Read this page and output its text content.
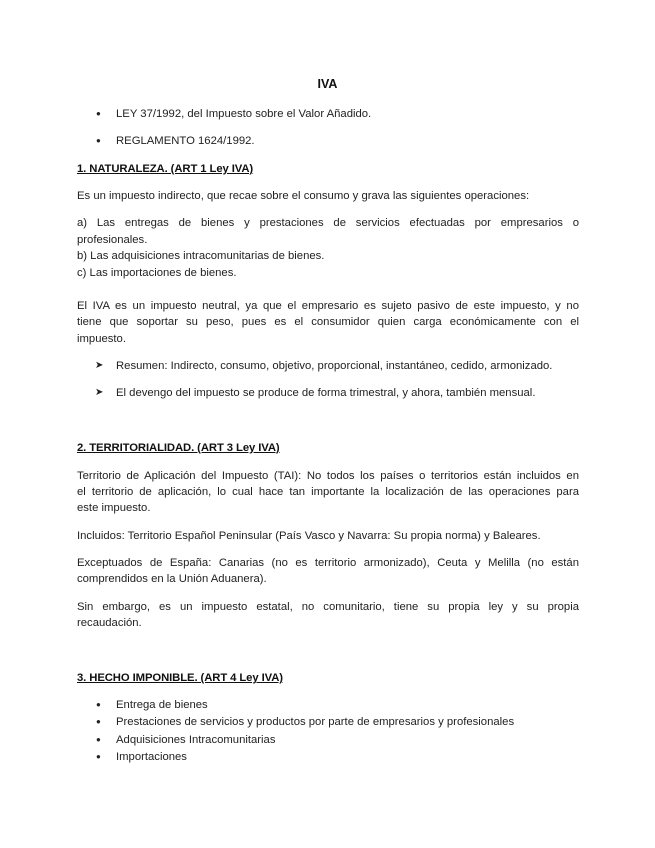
IVA
● LEY 37/1992, del Impuesto sobre el Valor Añadido.
● REGLAMENTO 1624/1992.
1. NATURALEZA. (ART 1 Ley IVA)
Es un impuesto indirecto, que recae sobre el consumo y grava las siguientes operaciones:
a) Las entregas de bienes y prestaciones de servicios efectuadas por empresarios o
profesionales.
b) Las adquisiciones intracomunitarias de bienes.
c) Las importaciones de bienes.
El IVA es un impuesto neutral, ya que el empresario es sujeto pasivo de este impuesto, y no
tiene que soportar su peso, pues es el consumidor quien carga económicamente con el
impuesto.
➤ Resumen: Indirecto, consumo, objetivo, proporcional, instantáneo, cedido, armonizado.
➤ El devengo del impuesto se produce de forma trimestral, y ahora, también mensual.
2. TERRITORIALIDAD. (ART 3 Ley IVA)
Territorio de Aplicación del Impuesto (TAI): No todos los países o territorios están incluidos en
el territorio de aplicación, lo cual hace tan importante la localización de las operaciones para
este impuesto.
Incluidos: Territorio Español Peninsular (País Vasco y Navarra: Su propia norma) y Baleares.
Exceptuados de España: Canarias (no es territorio armonizado), Ceuta y Melilla (no están
comprendidos en la Unión Aduanera).
Sin embargo, es un impuesto estatal, no comunitario, tiene su propia ley y su propia
recaudación.
3. HECHO IMPONIBLE. (ART 4 Ley IVA)
● Entrega de bienes
● Prestaciones de servicios y productos por parte de empresarios y profesionales
● Adquisiciones Intracomunitarias
● Importaciones
